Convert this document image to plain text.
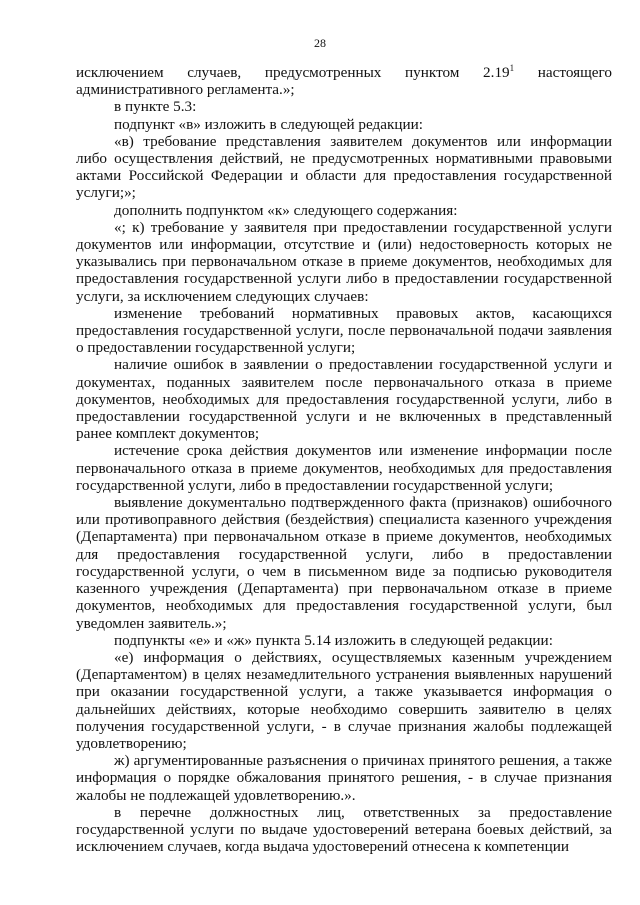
28

исключением случаев, предусмотренных пунктом 2.19$^1$ настоящего административного регламента.»;

в пункте 5.3:

подпункт «в» изложить в следующей редакции:

«в) требование представления заявителем документов или информации либо осуществления действий, не предусмотренных нормативными правовыми актами Российской Федерации и области для предоставления государственной услуги;»;

дополнить подпунктом «к» следующего содержания:

«; к) требование у заявителя при предоставлении государственной услуги документов или информации, отсутствие и (или) недостоверность которых не указывались при первоначальном отказе в приеме документов, необходимых для предоставления государственной услуги либо в предоставлении государственной услуги, за исключением следующих случаев:

изменение требований нормативных правовых актов, касающихся предоставления государственной услуги, после первоначальной подачи заявления о предоставлении государственной услуги;

наличие ошибок в заявлении о предоставлении государственной услуги и документах, поданных заявителем после первоначального отказа в приеме документов, необходимых для предоставления государственной услуги, либо в предоставлении государственной услуги и не включенных в представленный ранее комплект документов;

истечение срока действия документов или изменение информации после первоначального отказа в приеме документов, необходимых для предоставления государственной услуги, либо в предоставлении государственной услуги;

выявление документально подтвержденного факта (признаков) ошибочного или противоправного действия (бездействия) специалиста казенного учреждения (Департамента) при первоначальном отказе в приеме документов, необходимых для предоставления государственной услуги, либо в предоставлении государственной услуги, о чем в письменном виде за подписью руководителя казенного учреждения (Департамента) при первоначальном отказе в приеме документов, необходимых для предоставления государственной услуги, был уведомлен заявитель.»;

подпункты «е» и «ж» пункта 5.14 изложить в следующей редакции:

«е) информация о действиях, осуществляемых казенным учреждением (Департаментом) в целях незамедлительного устранения выявленных нарушений при оказании государственной услуги, а также указывается информация о дальнейших действиях, которые необходимо совершить заявителю в целях получения государственной услуги, - в случае признания жалобы подлежащей удовлетворению;

ж) аргументированные разъяснения о причинах принятого решения, а также информация о порядке обжалования принятого решения, - в случае признания жалобы не подлежащей удовлетворению.».

в перечне должностных лиц, ответственных за предоставление государственной услуги по выдаче удостоверений ветерана боевых действий, за исключением случаев, когда выдача удостоверений отнесена к компетенции
